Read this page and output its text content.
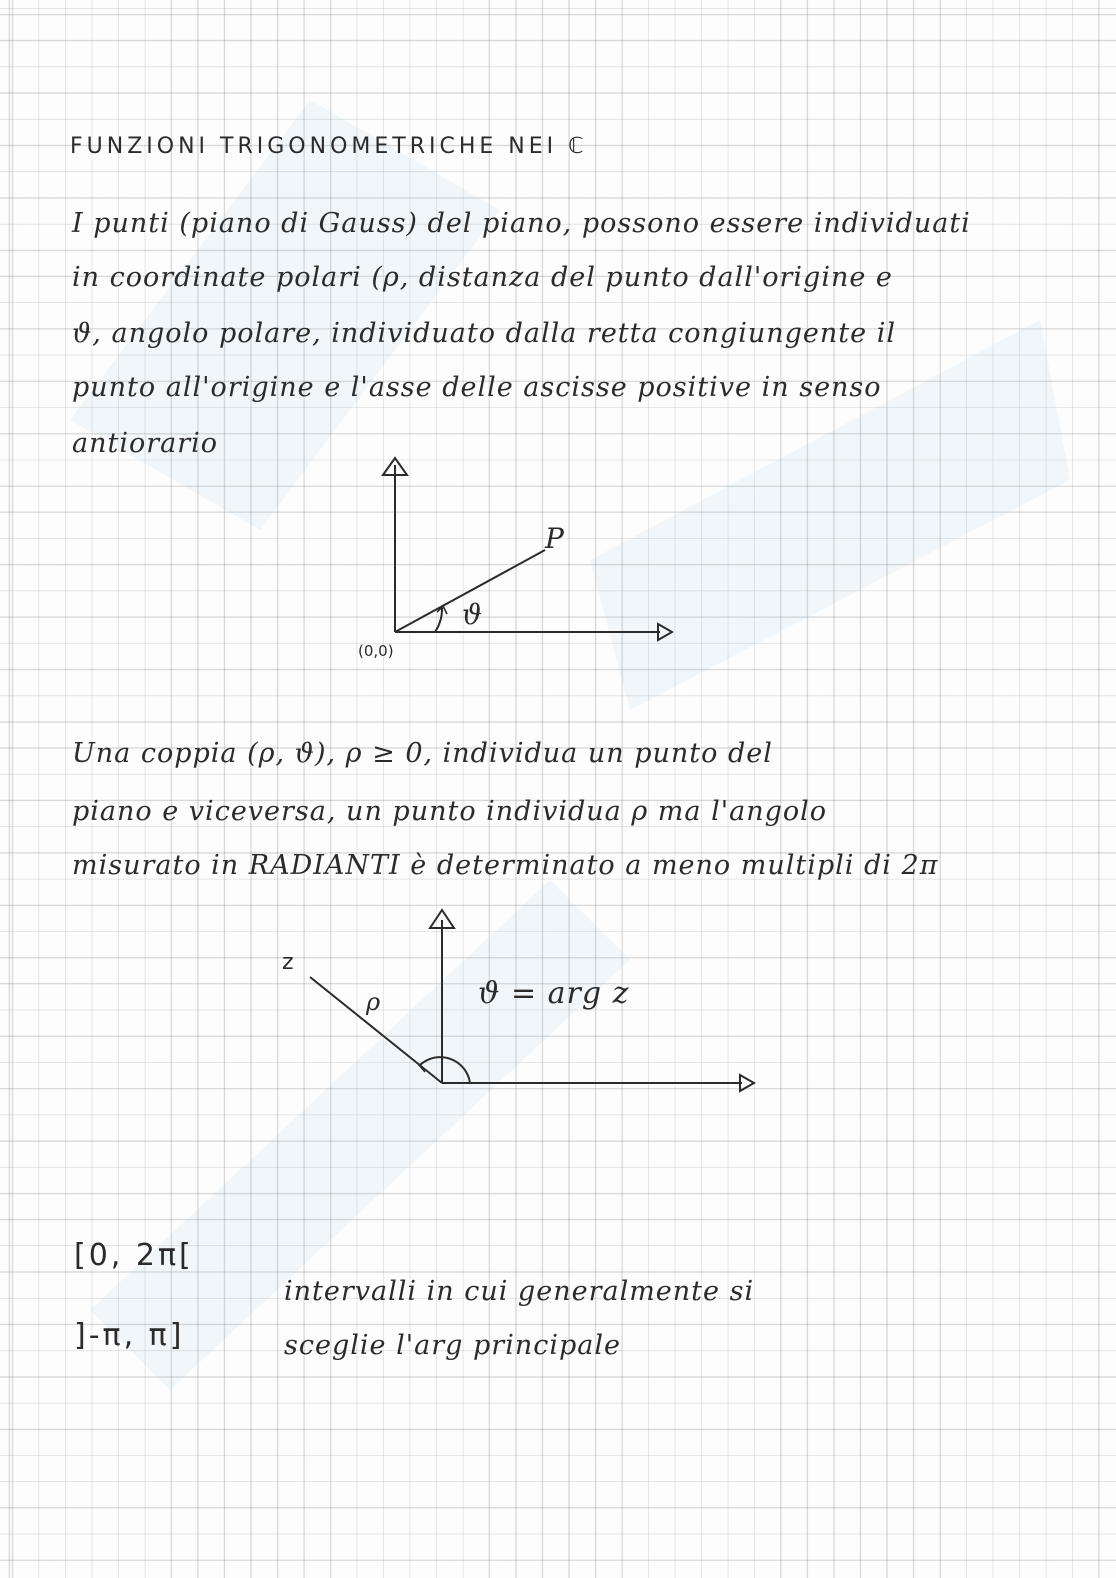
FUNZIONI TRIGONOMETRICHE NEI ℂ
I punti (piano di Gauss) del piano, possono essere individuati
in coordinate polari (ρ, distanza del punto dall'origine e
ϑ, angolo polare, individuato dalla retta congiungente il
punto all'origine e l'asse delle ascisse positive in senso
antiorario
P
ϑ
(0,0)
Una coppia (ρ, ϑ), ρ ≥ 0, individua un punto del
piano e viceversa, un punto individua ρ ma l'angolo
misurato in RADIANTI è determinato a meno multipli di 2π
z
ρ	ϑ = arg z
[0, 2π[
]-π, π]
intervalli in cui generalmente si
sceglie l'arg principale
